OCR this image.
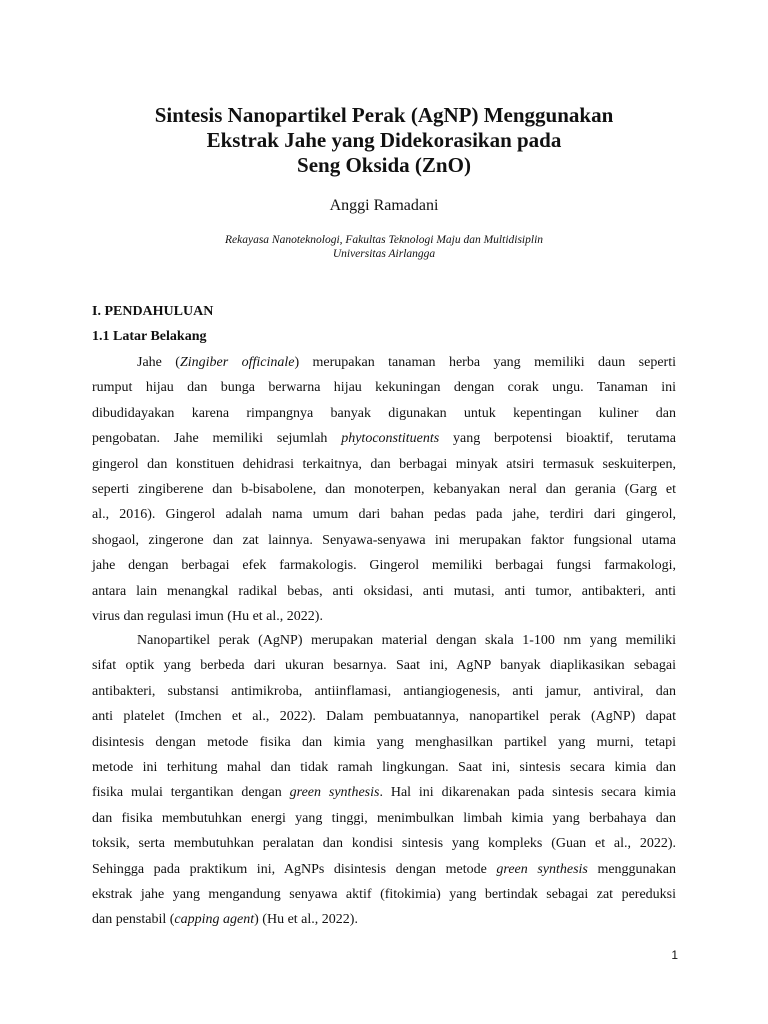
Sintesis Nanopartikel Perak (AgNP) Menggunakan
Ekstrak Jahe yang Didekorasikan pada
Seng Oksida (ZnO)

Anggi Ramadani

Rekayasa Nanoteknologi, Fakultas Teknologi Maju dan Multidisiplin
Universitas Airlangga

I. PENDAHULUAN
1.1 Latar Belakang
Jahe (Zingiber officinale) merupakan tanaman herba yang memiliki daun seperti
rumput hijau dan bunga berwarna hijau kekuningan dengan corak ungu. Tanaman ini
dibudidayakan karena rimpangnya banyak digunakan untuk kepentingan kuliner dan
pengobatan. Jahe memiliki sejumlah phytoconstituents yang berpotensi bioaktif, terutama
gingerol dan konstituen dehidrasi terkaitnya, dan berbagai minyak atsiri termasuk seskuiterpen,
seperti zingiberene dan b-bisabolene, dan monoterpen, kebanyakan neral dan gerania (Garg et
al., 2016). Gingerol adalah nama umum dari bahan pedas pada jahe, terdiri dari gingerol,
shogaol, zingerone dan zat lainnya. Senyawa-senyawa ini merupakan faktor fungsional utama
jahe dengan berbagai efek farmakologis. Gingerol memiliki berbagai fungsi farmakologi,
antara lain menangkal radikal bebas, anti oksidasi, anti mutasi, anti tumor, antibakteri, anti
virus dan regulasi imun (Hu et al., 2022).
Nanopartikel perak (AgNP) merupakan material dengan skala 1-100 nm yang memiliki
sifat optik yang berbeda dari ukuran besarnya. Saat ini, AgNP banyak diaplikasikan sebagai
antibakteri, substansi antimikroba, antiinflamasi, antiangiogenesis, anti jamur, antiviral, dan
anti platelet (Imchen et al., 2022). Dalam pembuatannya, nanopartikel perak (AgNP) dapat
disintesis dengan metode fisika dan kimia yang menghasilkan partikel yang murni, tetapi
metode ini terhitung mahal dan tidak ramah lingkungan. Saat ini, sintesis secara kimia dan
fisika mulai tergantikan dengan green synthesis. Hal ini dikarenakan pada sintesis secara kimia
dan fisika membutuhkan energi yang tinggi, menimbulkan limbah kimia yang berbahaya dan
toksik, serta membutuhkan peralatan dan kondisi sintesis yang kompleks (Guan et al., 2022).
Sehingga pada praktikum ini, AgNPs disintesis dengan metode green synthesis menggunakan
ekstrak jahe yang mengandung senyawa aktif (fitokimia) yang bertindak sebagai zat pereduksi
dan penstabil (capping agent) (Hu et al., 2022).

1
